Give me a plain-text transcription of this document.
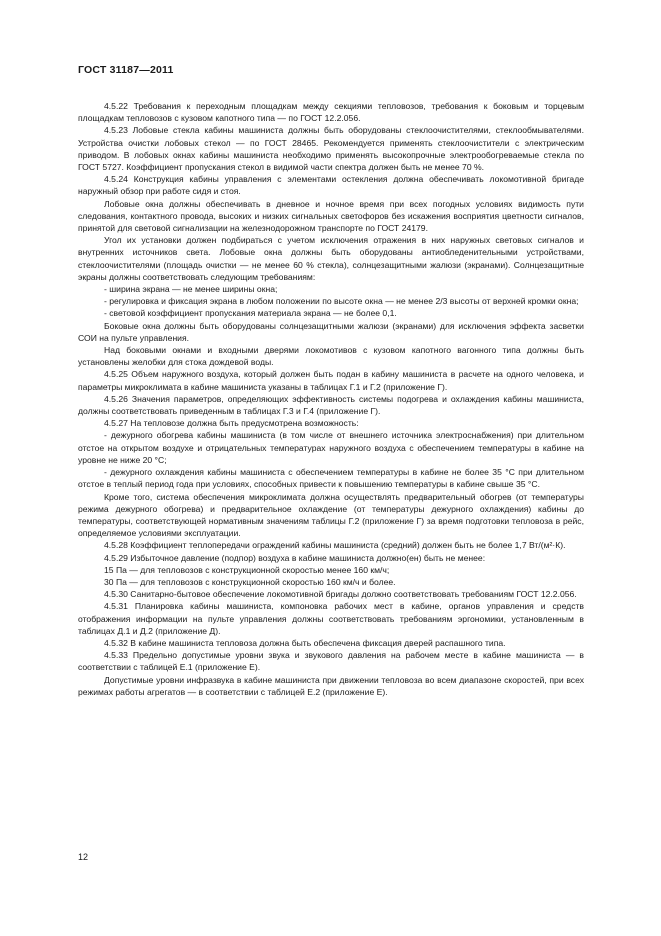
ГОСТ 31187—2011

4.5.22 Требования к переходным площадкам между секциями тепловозов, требования к боковым и торцевым площадкам тепловозов с кузовом капотного типа — по ГОСТ 12.2.056.

4.5.23 Лобовые стекла кабины машиниста должны быть оборудованы стеклоочистителями, стеклообмывателями. Устройства очистки лобовых стекол — по ГОСТ 28465. Рекомендуется применять стеклоочистители с электрическим приводом. В лобовых окнах кабины машиниста необходимо применять высокопрочные электрообогреваемые стекла по ГОСТ 5727. Коэффициент пропускания стекол в видимой части спектра должен быть не менее 70 %.

4.5.24 Конструкция кабины управления с элементами остекления должна обеспечивать локомотивной бригаде наружный обзор при работе сидя и стоя.

Лобовые окна должны обеспечивать в дневное и ночное время при всех погодных условиях видимость пути следования, контактного провода, высоких и низких сигнальных светофоров без искажения восприятия цветности сигналов, принятой для световой сигнализации на железнодорожном транспорте по ГОСТ 24179.

Угол их установки должен подбираться с учетом исключения отражения в них наружных световых сигналов и внутренних источников света. Лобовые окна должны быть оборудованы антиобледенительными устройствами, стеклоочистителями (площадь очистки — не менее 60 % стекла), солнцезащитными жалюзи (экранами). Солнцезащитные экраны должны соответствовать следующим требованиям:

- ширина экрана — не менее ширины окна;

- регулировка и фиксация экрана в любом положении по высоте окна — не менее 2/3 высоты от верхней кромки окна;

- световой коэффициент пропускания материала экрана — не более 0,1.

Боковые окна должны быть оборудованы солнцезащитными жалюзи (экранами) для исключения эффекта засветки СОИ на пульте управления.

Над боковыми окнами и входными дверями локомотивов с кузовом капотного вагонного типа должны быть установлены желобки для стока дождевой воды.

4.5.25 Объем наружного воздуха, который должен быть подан в кабину машиниста в расчете на одного человека, и параметры микроклимата в кабине машиниста указаны в таблицах Г.1 и Г.2 (приложение Г).

4.5.26 Значения параметров, определяющих эффективность системы подогрева и охлаждения кабины машиниста, должны соответствовать приведенным в таблицах Г.3 и Г.4 (приложение Г).

4.5.27 На тепловозе должна быть предусмотрена возможность:

- дежурного обогрева кабины машиниста (в том числе от внешнего источника электроснабжения) при длительном отстое на открытом воздухе и отрицательных температурах наружного воздуха с обеспечением температуры в кабине на уровне не ниже 20 °С;

- дежурного охлаждения кабины машиниста с обеспечением температуры в кабине не более 35 °С при длительном отстое в теплый период года при условиях, способных привести к повышению температуры в кабине свыше 35 °С.

Кроме того, система обеспечения микроклимата должна осуществлять предварительный обогрев (от температуры режима дежурного обогрева) и предварительное охлаждение (от температуры дежурного охлаждения) кабины до температуры, соответствующей нормативным значениям таблицы Г.2 (приложение Г) за время подготовки тепловоза в рейс, определяемое условиями эксплуатации.

4.5.28 Коэффициент теплопередачи ограждений кабины машиниста (средний) должен быть не более 1,7 Вт/(м²·К).

4.5.29 Избыточное давление (подпор) воздуха в кабине машиниста должно(ен) быть не менее:

15 Па — для тепловозов с конструкционной скоростью менее 160 км/ч;

30 Па — для тепловозов с конструкционной скоростью 160 км/ч и более.

4.5.30 Санитарно-бытовое обеспечение локомотивной бригады должно соответствовать требованиям ГОСТ 12.2.056.

4.5.31 Планировка кабины машиниста, компоновка рабочих мест в кабине, органов управления и средств отображения информации на пульте управления должны соответствовать требованиям эргономики, установленным в таблицах Д.1 и Д.2 (приложение Д).

4.5.32 В кабине машиниста тепловоза должна быть обеспечена фиксация дверей распашного типа.

4.5.33 Предельно допустимые уровни звука и звукового давления на рабочем месте в кабине машиниста — в соответствии с таблицей Е.1 (приложение Е).

Допустимые уровни инфразвука в кабине машиниста при движении тепловоза во всем диапазоне скоростей, при всех режимах работы агрегатов — в соответствии с таблицей Е.2 (приложение Е).

12
